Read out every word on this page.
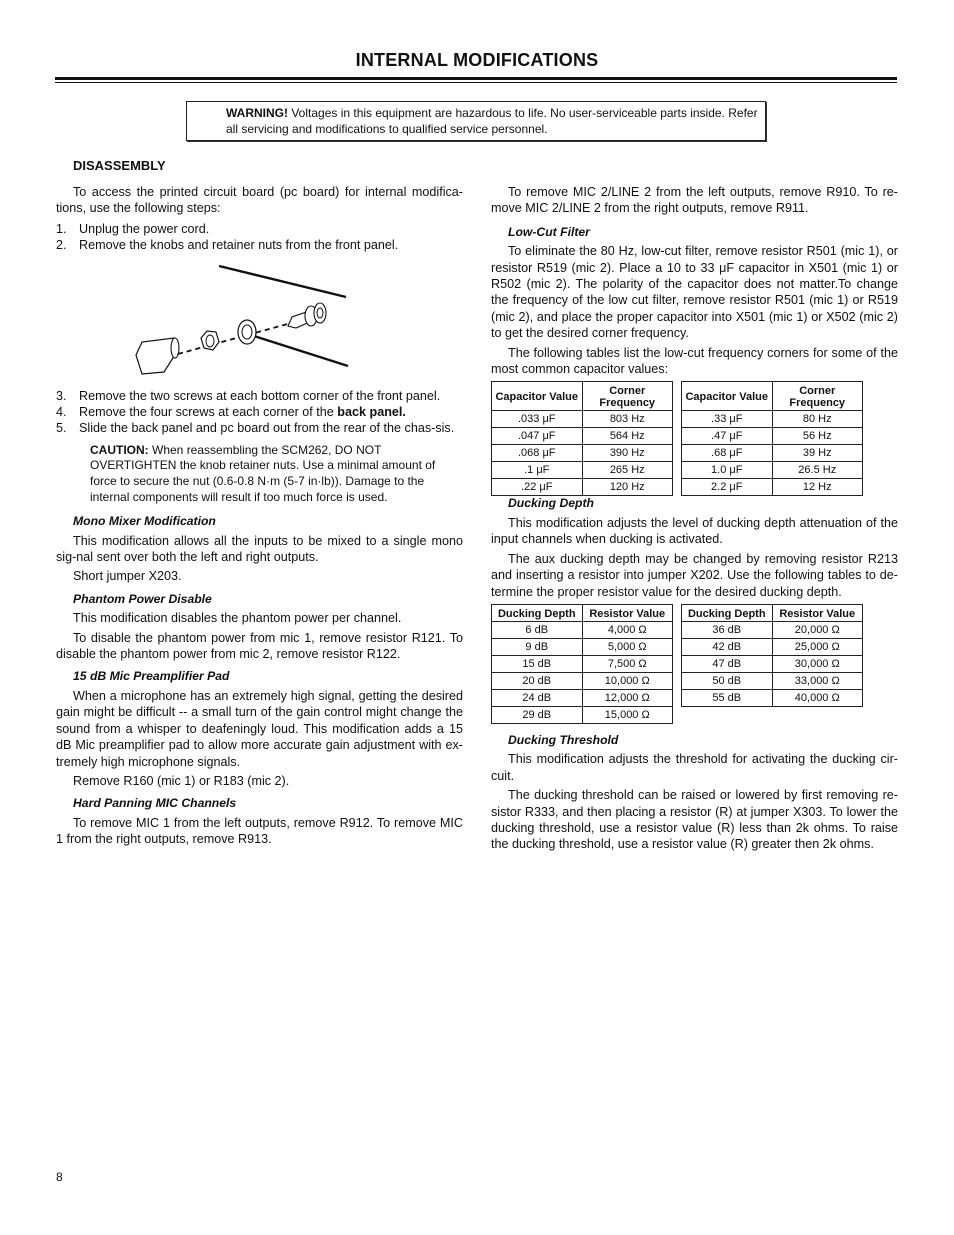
INTERNAL MODIFICATIONS
WARNING! Voltages in this equipment are hazardous to life. No user-serviceable parts inside. Refer all servicing and modifications to qualified service personnel.
DISASSEMBLY

To access the printed circuit board (pc board) for internal modifica-tions, use the following steps:

1. Unplug the power cord.
2. Remove the knobs and retainer nuts from the front panel.
3. Remove the two screws at each bottom corner of the front panel.
4. Remove the four screws at each corner of the back panel.
5. Slide the back panel and pc board out from the rear of the chas-sis.
CAUTION: When reassembling the SCM262, DO NOT OVERTIGHTEN the knob retainer nuts. Use a minimal amount of force to secure the nut (0.6-0.8 N·m (5-7 in·lb)). Damage to the internal components will result if too much force is used.
Mono Mixer Modification

This modification allows all the inputs to be mixed to a single mono sig-nal sent over both the left and right outputs.

Short jumper X203.

Phantom Power Disable

This modification disables the phantom power per channel.

To disable the phantom power from mic 1, remove resistor R121. To disable the phantom power from mic 2, remove resistor R122.

15 dB Mic Preamplifier Pad

When a microphone has an extremely high signal, getting the desired gain might be difficult -- a small turn of the gain control might change the sound from a whisper to deafeningly loud. This modification adds a 15 dB Mic preamplifier pad to allow more accurate gain adjustment with ex-tremely high microphone signals.

Remove R160 (mic 1) or R183 (mic 2).

Hard Panning MIC Channels

To remove MIC 1 from the left outputs, remove R912. To remove MIC 1 from the right outputs, remove R913.

To remove MIC 2/LINE 2 from the left outputs, remove R910. To re-move MIC 2/LINE 2 from the right outputs, remove R911.

Low-Cut Filter

To eliminate the 80 Hz, low-cut filter, remove resistor R501 (mic 1), or resistor R519 (mic 2). Place a 10 to 33 μF capacitor in X501 (mic 1) or R502 (mic 2). The polarity of the capacitor does not matter.To change the frequency of the low cut filter, remove resistor R501 (mic 1) or R519 (mic 2), and place the proper capacitor into X501 (mic 1) or X502 (mic 2) to get the desired corner frequency.

The following tables list the low-cut frequency corners for some of the most common capacitor values:

Capacitor Value	Corner Frequency
.033 μF	803 Hz
.047 μF	564 Hz
.068 μF	390 Hz
.1 μF	265 Hz
.22 μF	120 Hz
Capacitor Value	Corner Frequency
.33 μF	80 Hz
.47 μF	56 Hz
.68 μF	39 Hz
1.0 μF	26.5 Hz
2.2 μF	12 Hz
Ducking Depth

This modification adjusts the level of ducking depth attenuation of the input channels when ducking is activated.

The aux ducking depth may be changed by removing resistor R213 and inserting a resistor into jumper X202. Use the following tables to de-termine the proper resistor value for the desired ducking depth.

Ducking Depth	Resistor Value
6 dB	4,000 Ω
9 dB	5,000 Ω
15 dB	7,500 Ω
20 dB	10,000 Ω
24 dB	12,000 Ω
29 dB	15,000 Ω
Ducking Depth	Resistor Value
36 dB	20,000 Ω
42 dB	25,000 Ω
47 dB	30,000 Ω
50 dB	33,000 Ω
55 dB	40,000 Ω
Ducking Threshold

This modification adjusts the threshold for activating the ducking cir-cuit.

The ducking threshold can be raised or lowered by first removing re-sistor R333, and then placing a resistor (R) at jumper X303. To lower the ducking threshold, use a resistor value (R) less than 2k ohms. To raise the ducking threshold, use a resistor value (R) greater then 2k ohms.

8
